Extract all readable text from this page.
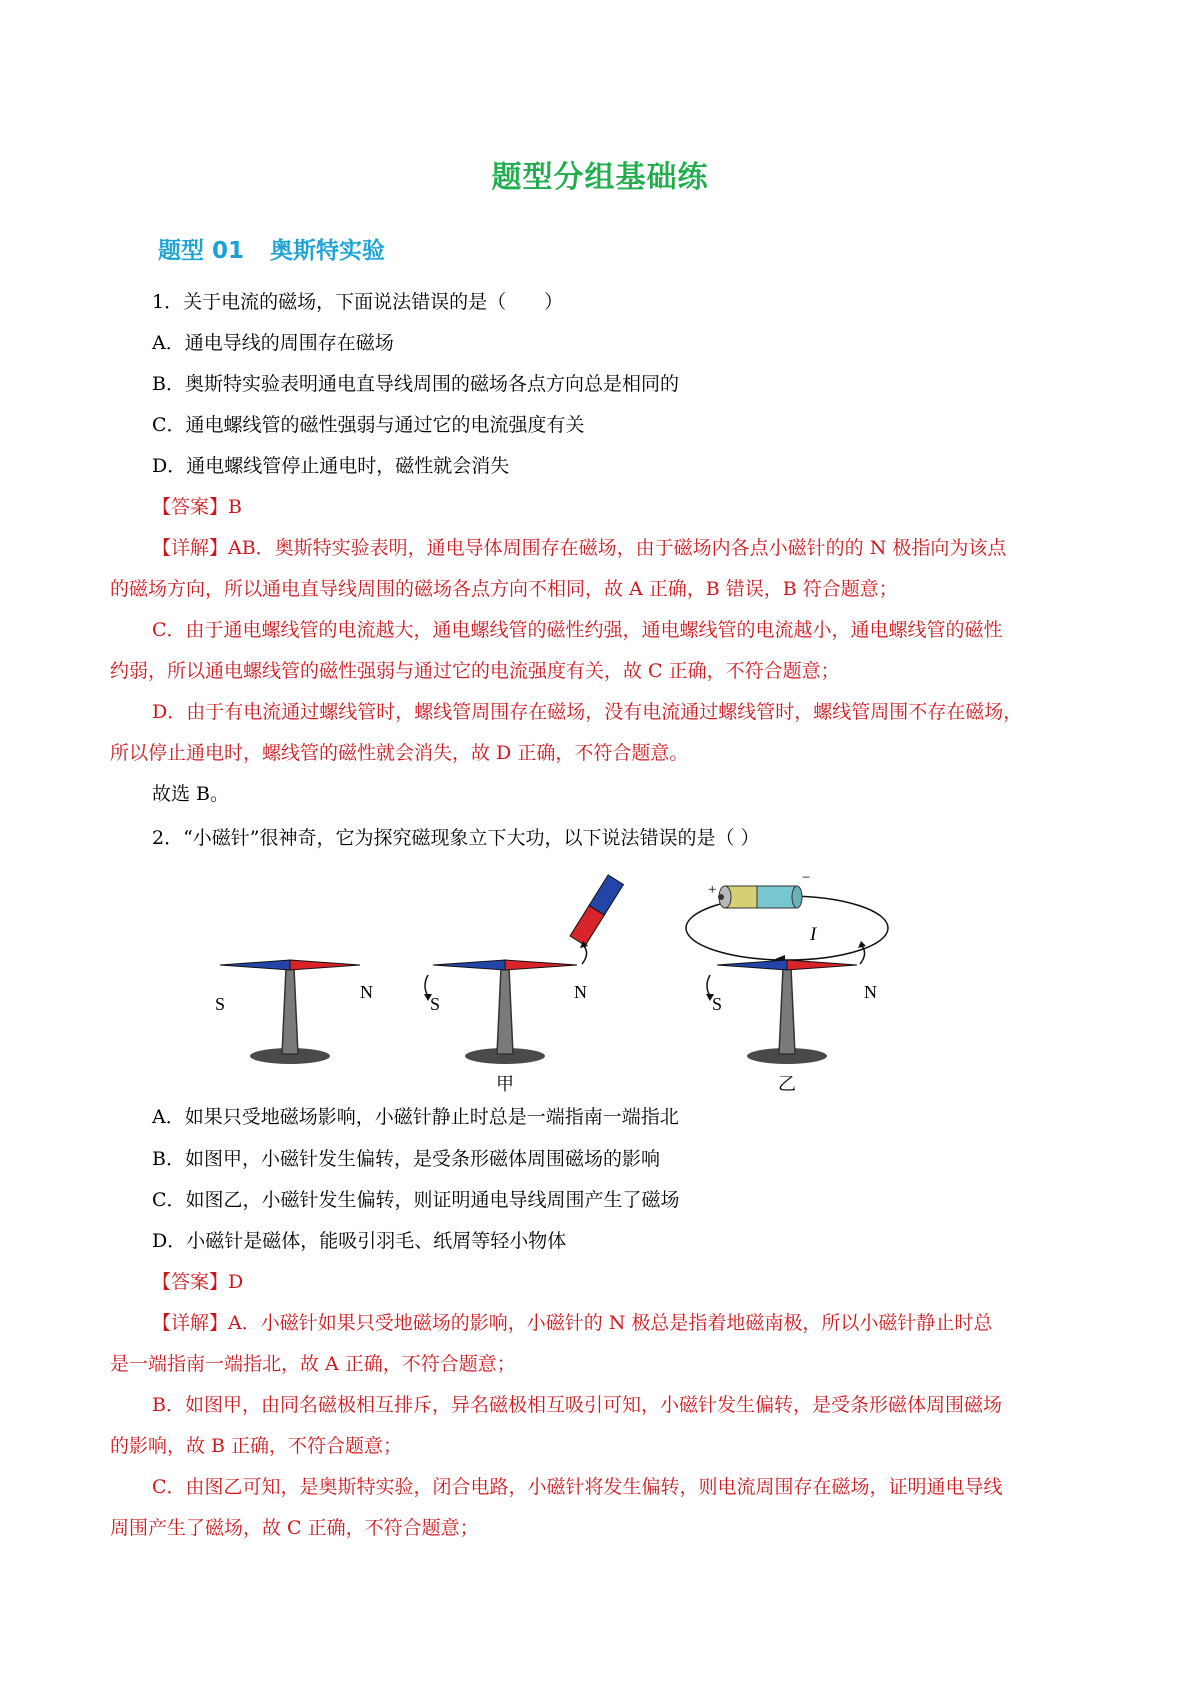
题型分组基础练
题型 01 奥斯特实验
1．关于电流的磁场，下面说法错误的是（　　）
A．通电导线的周围存在磁场
B．奥斯特实验表明通电直导线周围的磁场各点方向总是相同的
C．通电螺线管的磁性强弱与通过它的电流强度有关
D．通电螺线管停止通电时，磁性就会消失
【答案】B
【详解】AB．奥斯特实验表明，通电导体周围存在磁场，由于磁场内各点小磁针的的 N 极指向为该点
的磁场方向，所以通电直导线周围的磁场各点方向不相同，故 A 正确，B 错误，B 符合题意；
C．由于通电螺线管的电流越大，通电螺线管的磁性约强，通电螺线管的电流越小，通电螺线管的磁性
约弱，所以通电螺线管的磁性强弱与通过它的电流强度有关，故 C 正确，不符合题意；
D．由于有电流通过螺线管时，螺线管周围存在磁场，没有电流通过螺线管时，螺线管周围不存在磁场，
所以停止通电时，螺线管的磁性就会消失，故 D 正确，不符合题意。
故选 B。
2．“小磁针”很神奇，它为探究磁现象立下大功，以下说法错误的是（ ）
S
N
S
N
甲
+
−
I
S
N
乙
A．如果只受地磁场影响，小磁针静止时总是一端指南一端指北
B．如图甲，小磁针发生偏转，是受条形磁体周围磁场的影响
C．如图乙，小磁针发生偏转，则证明通电导线周围产生了磁场
D．小磁针是磁体，能吸引羽毛、纸屑等轻小物体
【答案】D
【详解】A．小磁针如果只受地磁场的影响，小磁针的 N 极总是指着地磁南极，所以小磁针静止时总
是一端指南一端指北，故 A 正确，不符合题意；
B．如图甲，由同名磁极相互排斥，异名磁极相互吸引可知，小磁针发生偏转，是受条形磁体周围磁场
的影响，故 B 正确，不符合题意；
C．由图乙可知，是奥斯特实验，闭合电路，小磁针将发生偏转，则电流周围存在磁场，证明通电导线
周围产生了磁场，故 C 正确，不符合题意；
